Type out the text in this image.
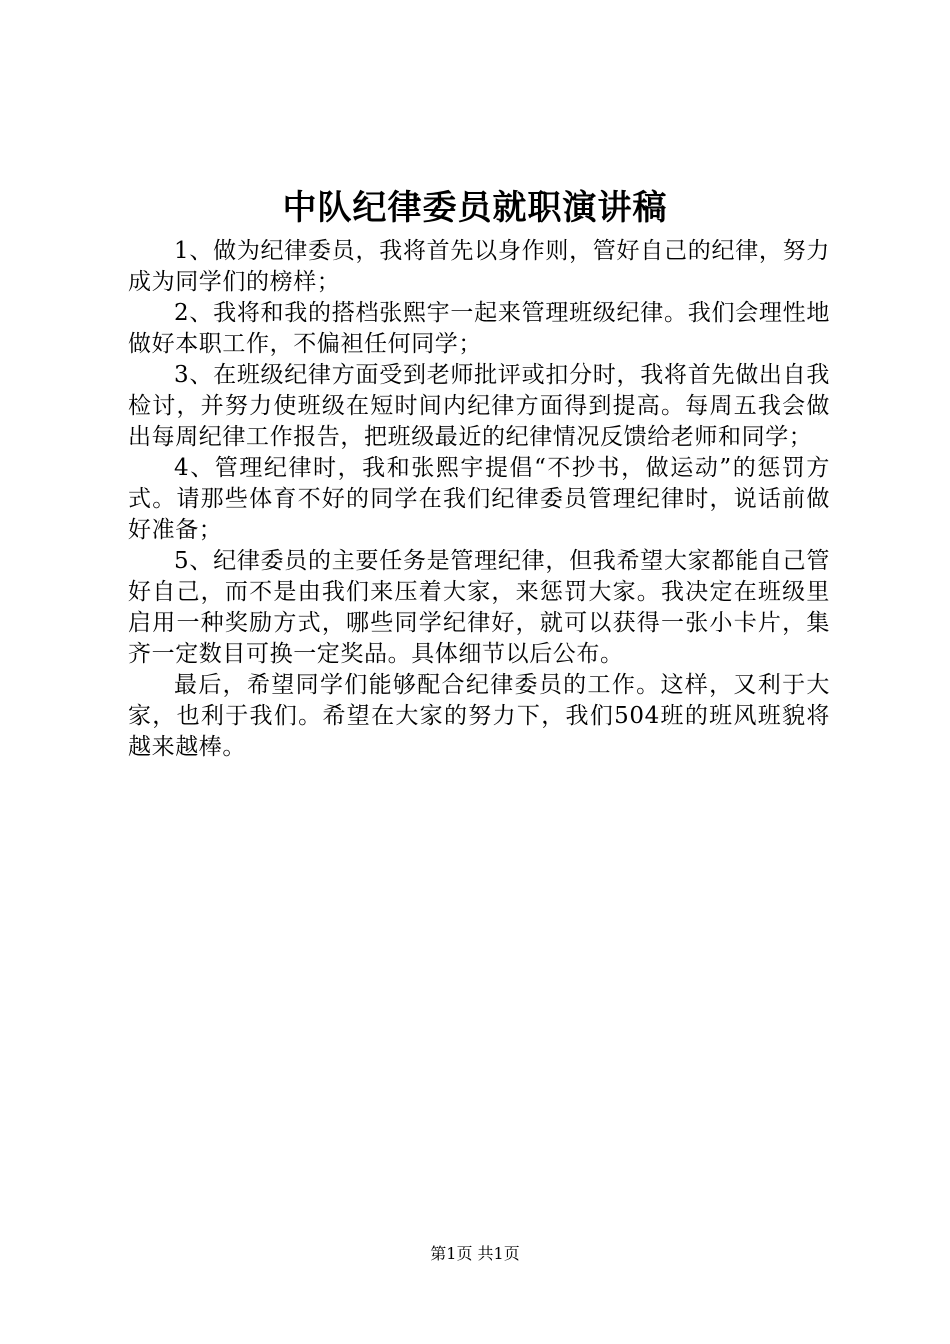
中队纪律委员就职演讲稿

1、做为纪律委员，我将首先以身作则，管好自己的纪律，努力成为同学们的榜样；

2、我将和我的搭档张熙宇一起来管理班级纪律。我们会理性地做好本职工作，不偏袒任何同学；

3、在班级纪律方面受到老师批评或扣分时，我将首先做出自我检讨，并努力使班级在短时间内纪律方面得到提高。每周五我会做出每周纪律工作报告，把班级最近的纪律情况反馈给老师和同学；

4、管理纪律时，我和张熙宇提倡“不抄书，做运动”的惩罚方式。请那些体育不好的同学在我们纪律委员管理纪律时，说话前做好准备；

5、纪律委员的主要任务是管理纪律，但我希望大家都能自己管好自己，而不是由我们来压着大家，来惩罚大家。我决定在班级里启用一种奖励方式，哪些同学纪律好，就可以获得一张小卡片，集齐一定数目可换一定奖品。具体细节以后公布。

最后，希望同学们能够配合纪律委员的工作。这样，又利于大家，也利于我们。希望在大家的努力下，我们504班的班风班貌将越来越棒。

第1页 共1页
